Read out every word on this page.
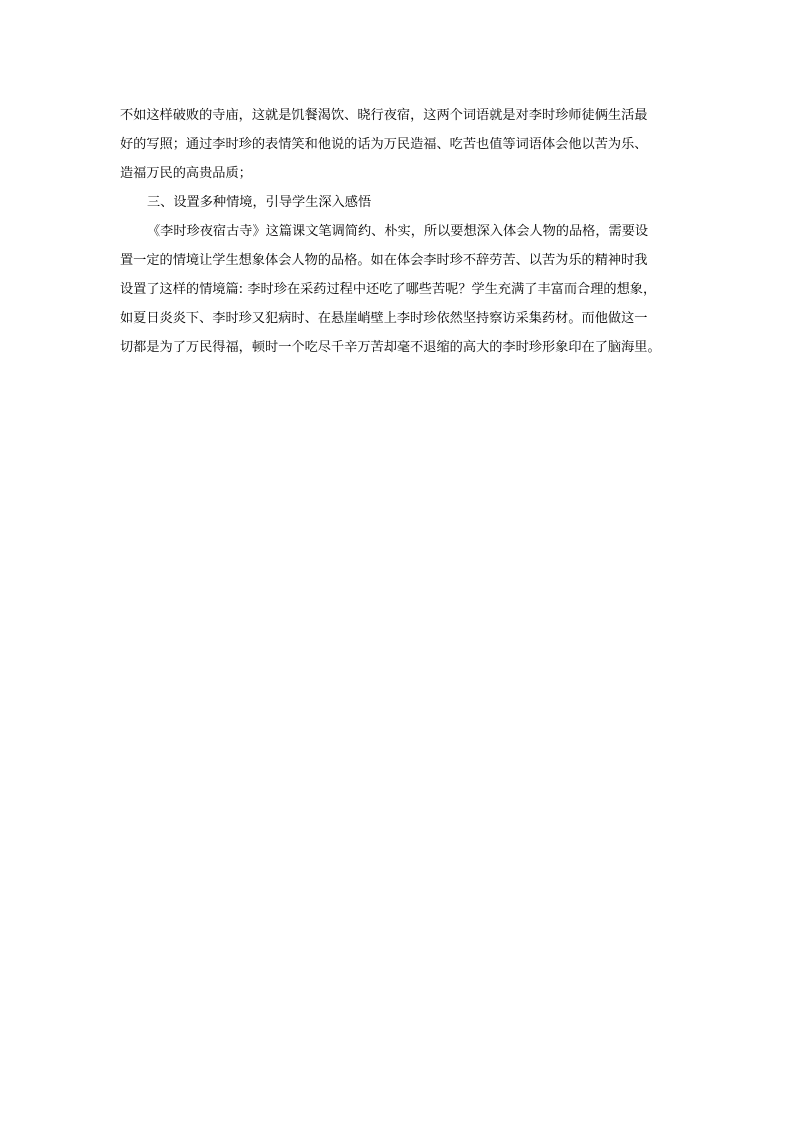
不如这样破败的寺庙，这就是饥餐渴饮、晓行夜宿，这两个词语就是对李时珍师徒俩生活最
好的写照；通过李时珍的表情笑和他说的话为万民造福、吃苦也值等词语体会他以苦为乐、
造福万民的高贵品质；
三、设置多种情境，引导学生深入感悟
《李时珍夜宿古寺》这篇课文笔调简约、朴实，所以要想深入体会人物的品格，需要设
置一定的情境让学生想象体会人物的品格。如在体会李时珍不辞劳苦、以苦为乐的精神时我
设置了这样的情境篇: 李时珍在采药过程中还吃了哪些苦呢？学生充满了丰富而合理的想象，
如夏日炎炎下、李时珍又犯病时、在悬崖峭壁上李时珍依然坚持察访采集药材。而他做这一
切都是为了万民得福，顿时一个吃尽千辛万苦却毫不退缩的高大的李时珍形象印在了脑海里。
